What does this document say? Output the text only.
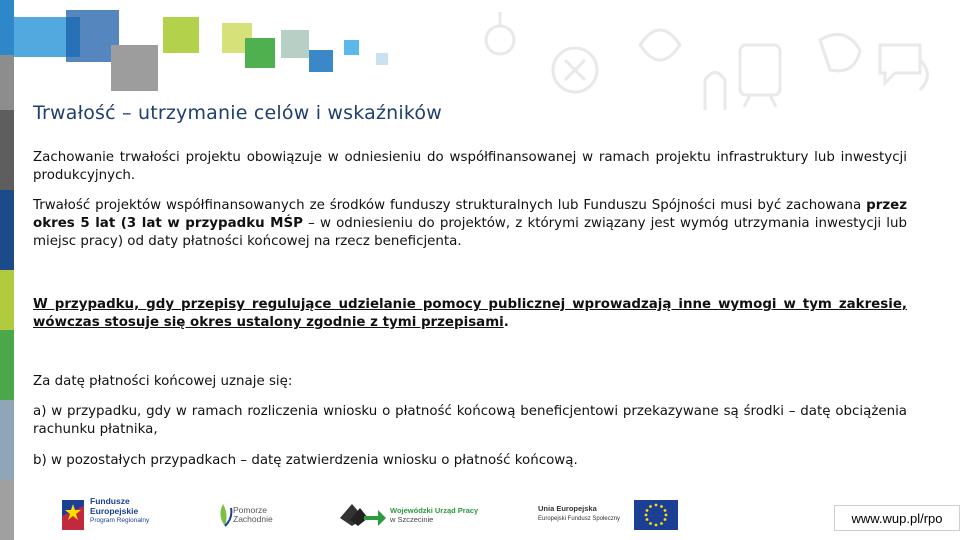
Trwałość – utrzymanie celów i wskaźników
Zachowanie trwałości projektu obowiązuje w odniesieniu do współfinansowanej w ramach projektu infrastruktury lub inwestycji produkcyjnych.
Trwałość projektów współfinansowanych ze środków funduszy strukturalnych lub Funduszu Spójności musi być zachowana przez okres 5 lat (3 lat w przypadku MŚP – w odniesieniu do projektów, z którymi związany jest wymóg utrzymania inwestycji lub miejsc pracy) od daty płatności końcowej na rzecz beneficjenta.
W przypadku, gdy przepisy regulujące udzielanie pomocy publicznej wprowadzają inne wymogi w tym zakresie, wówczas stosuje się okres ustalony zgodnie z tymi przepisami.
Za datę płatności końcowej uznaje się:
a) w przypadku, gdy w ramach rozliczenia wniosku o płatność końcową beneficjentowi przekazywane są środki – datę obciążenia rachunku płatnika,
b) w pozostałych przypadkach – datę zatwierdzenia wniosku o płatność końcową.
Fundusze
Europejskie
Program Regionalny
Pomorze
Zachodnie
Wojewódzki Urząd Pracy
w Szczecinie
Unia Europejska
Europejski Fundusz Społeczny	www.wup.pl/rpo
